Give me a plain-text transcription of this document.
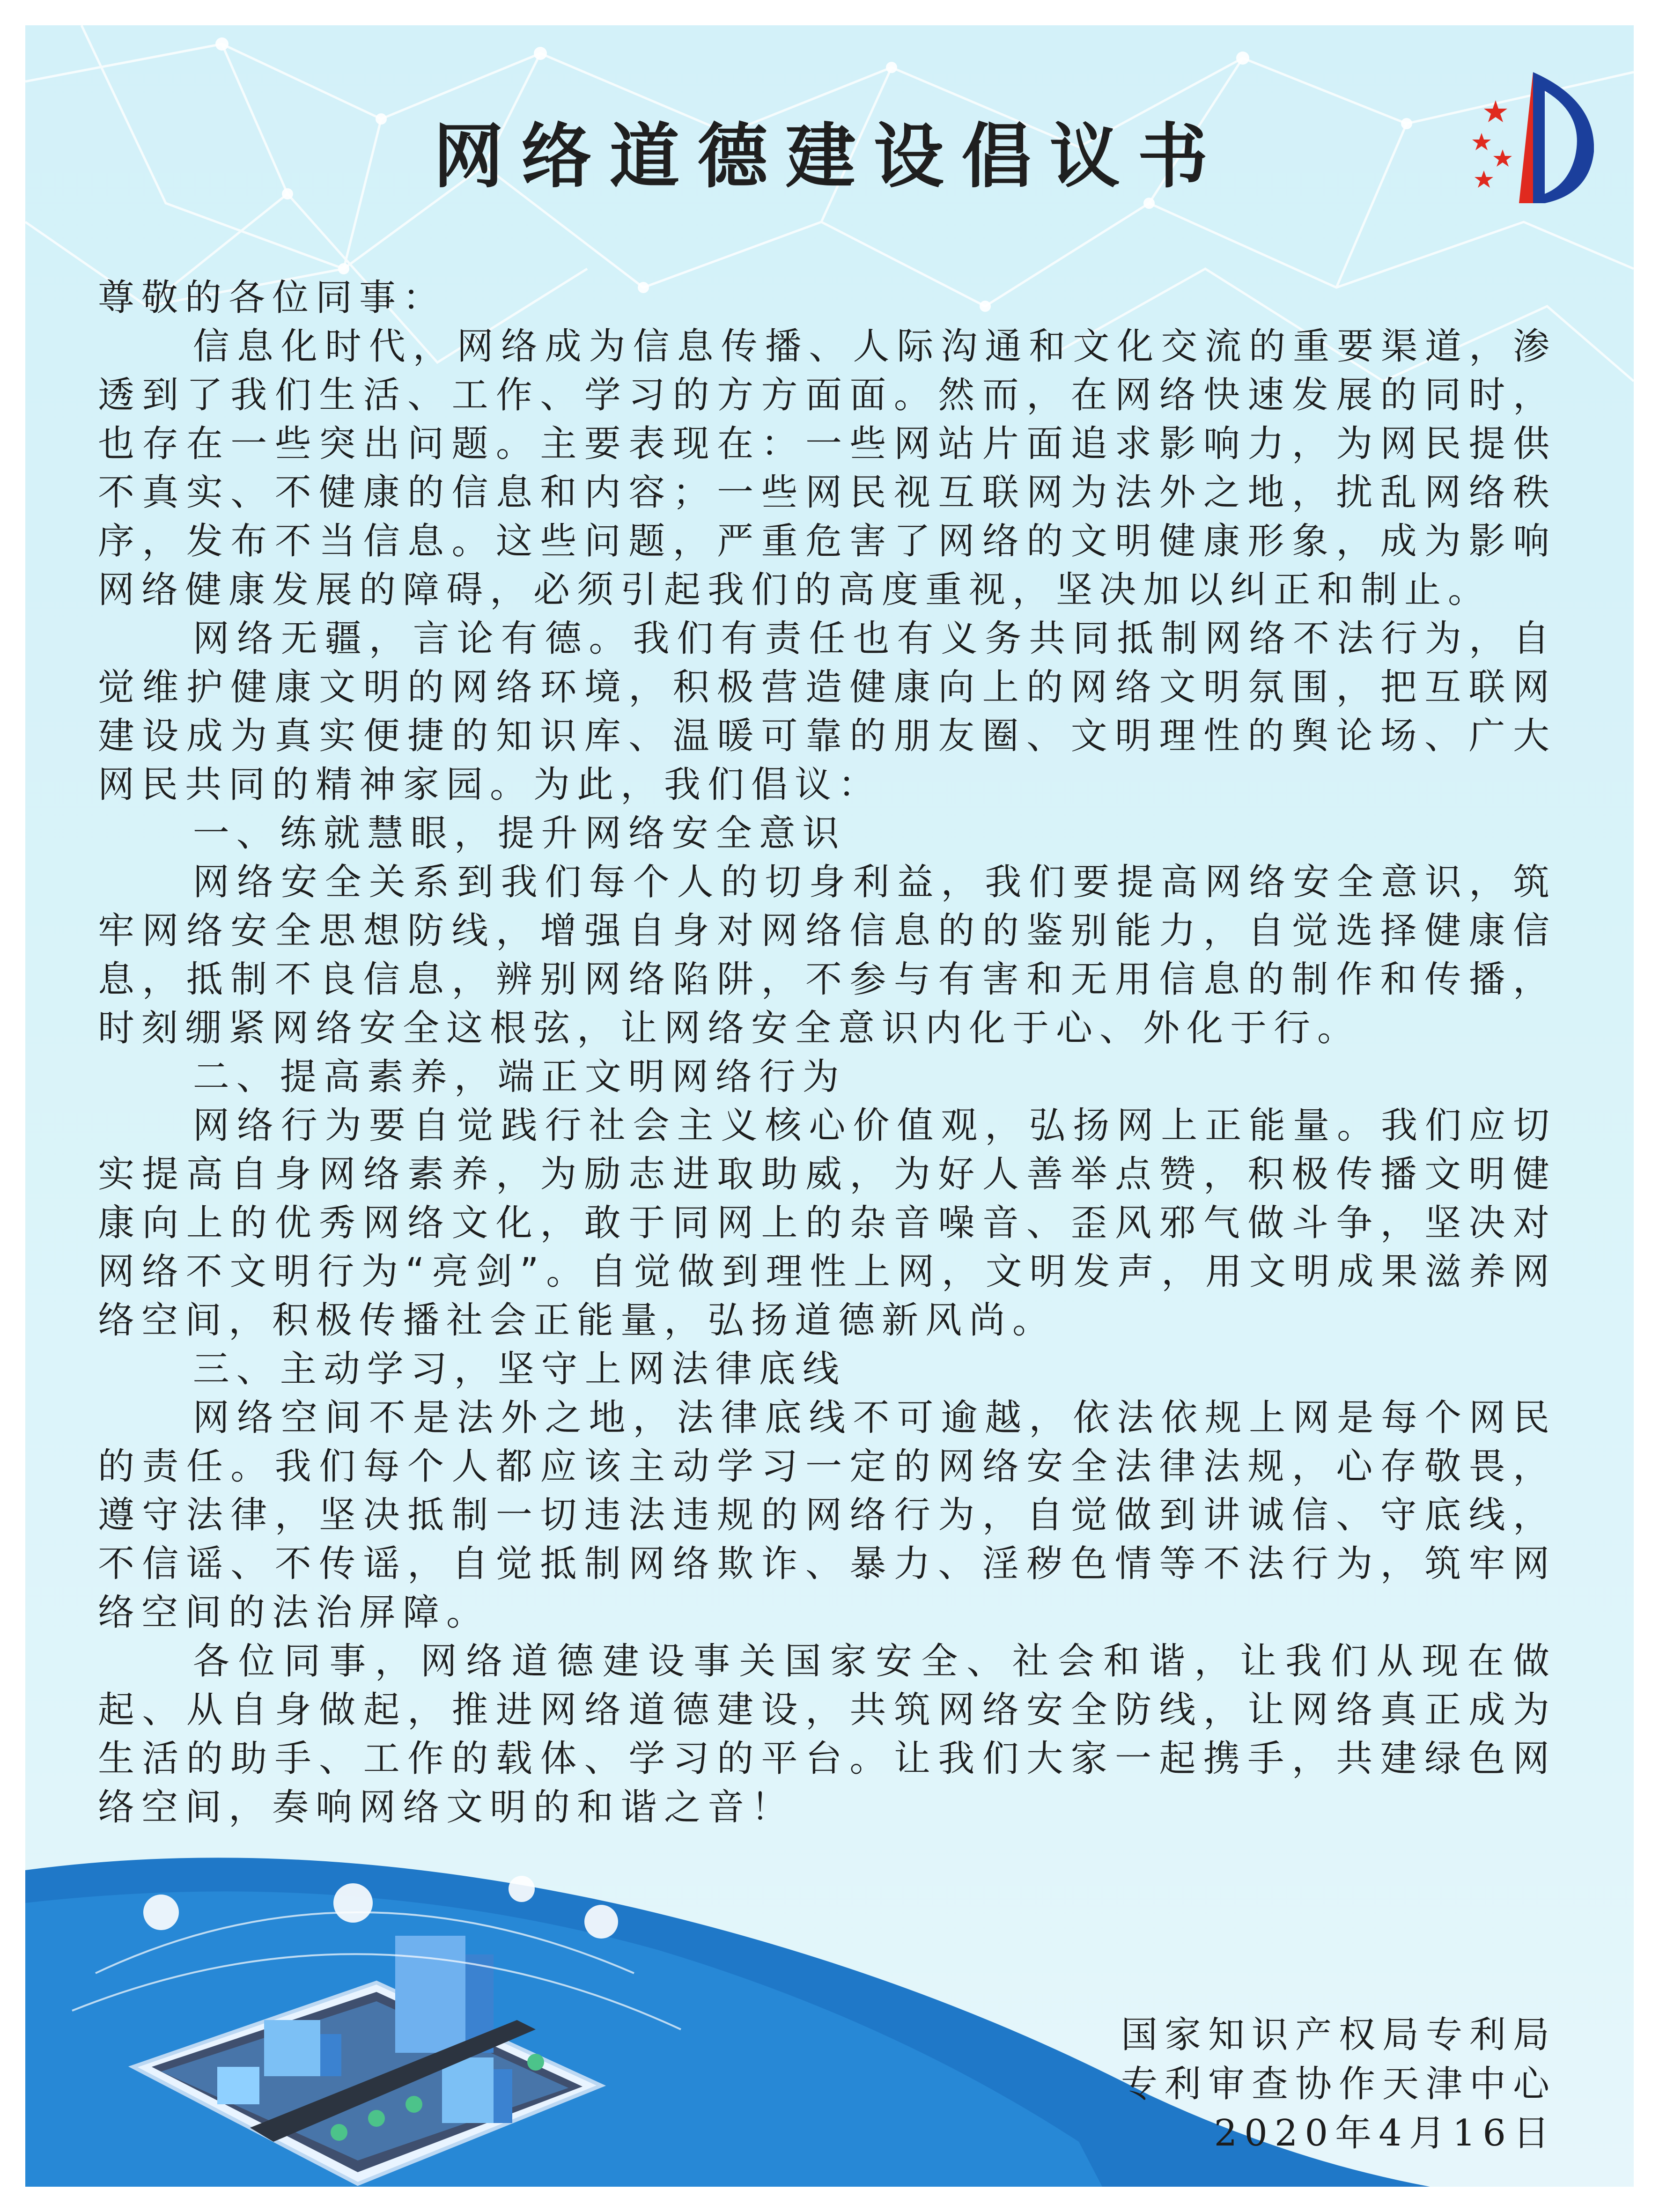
网络道德建设倡议书

尊敬的各位同事：

信息化时代，网络成为信息传播、人际沟通和文化交流的重要渠道，渗透到了我们生活、工作、学习的方方面面。然而，在网络快速发展的同时，也存在一些突出问题。主要表现在：一些网站片面追求影响力，为网民提供不真实、不健康的信息和内容；一些网民视互联网为法外之地，扰乱网络秩序，发布不当信息。这些问题，严重危害了网络的文明健康形象，成为影响网络健康发展的障碍，必须引起我们的高度重视，坚决加以纠正和制止。

网络无疆，言论有德。我们有责任也有义务共同抵制网络不法行为，自觉维护健康文明的网络环境，积极营造健康向上的网络文明氛围，把互联网建设成为真实便捷的知识库、温暖可靠的朋友圈、文明理性的舆论场、广大网民共同的精神家园。为此，我们倡议：

一、练就慧眼，提升网络安全意识

网络安全关系到我们每个人的切身利益，我们要提高网络安全意识，筑牢网络安全思想防线，增强自身对网络信息的的鉴别能力，自觉选择健康信息，抵制不良信息，辨别网络陷阱，不参与有害和无用信息的制作和传播，时刻绷紧网络安全这根弦，让网络安全意识内化于心、外化于行。

二、提高素养，端正文明网络行为

网络行为要自觉践行社会主义核心价值观，弘扬网上正能量。我们应切实提高自身网络素养，为励志进取助威，为好人善举点赞，积极传播文明健康向上的优秀网络文化，敢于同网上的杂音噪音、歪风邪气做斗争，坚决对网络不文明行为“亮剑”。自觉做到理性上网，文明发声，用文明成果滋养网络空间，积极传播社会正能量，弘扬道德新风尚。

三、主动学习，坚守上网法律底线

网络空间不是法外之地，法律底线不可逾越，依法依规上网是每个网民的责任。我们每个人都应该主动学习一定的网络安全法律法规，心存敬畏，遵守法律，坚决抵制一切违法违规的网络行为，自觉做到讲诚信、守底线，不信谣、不传谣，自觉抵制网络欺诈、暴力、淫秽色情等不法行为，筑牢网络空间的法治屏障。

各位同事，网络道德建设事关国家安全、社会和谐，让我们从现在做起、从自身做起，推进网络道德建设，共筑网络安全防线，让网络真正成为生活的助手、工作的载体、学习的平台。让我们大家一起携手，共建绿色网络空间，奏响网络文明的和谐之音！

国家知识产权局专利局
专利审查协作天津中心
2020年4月16日
